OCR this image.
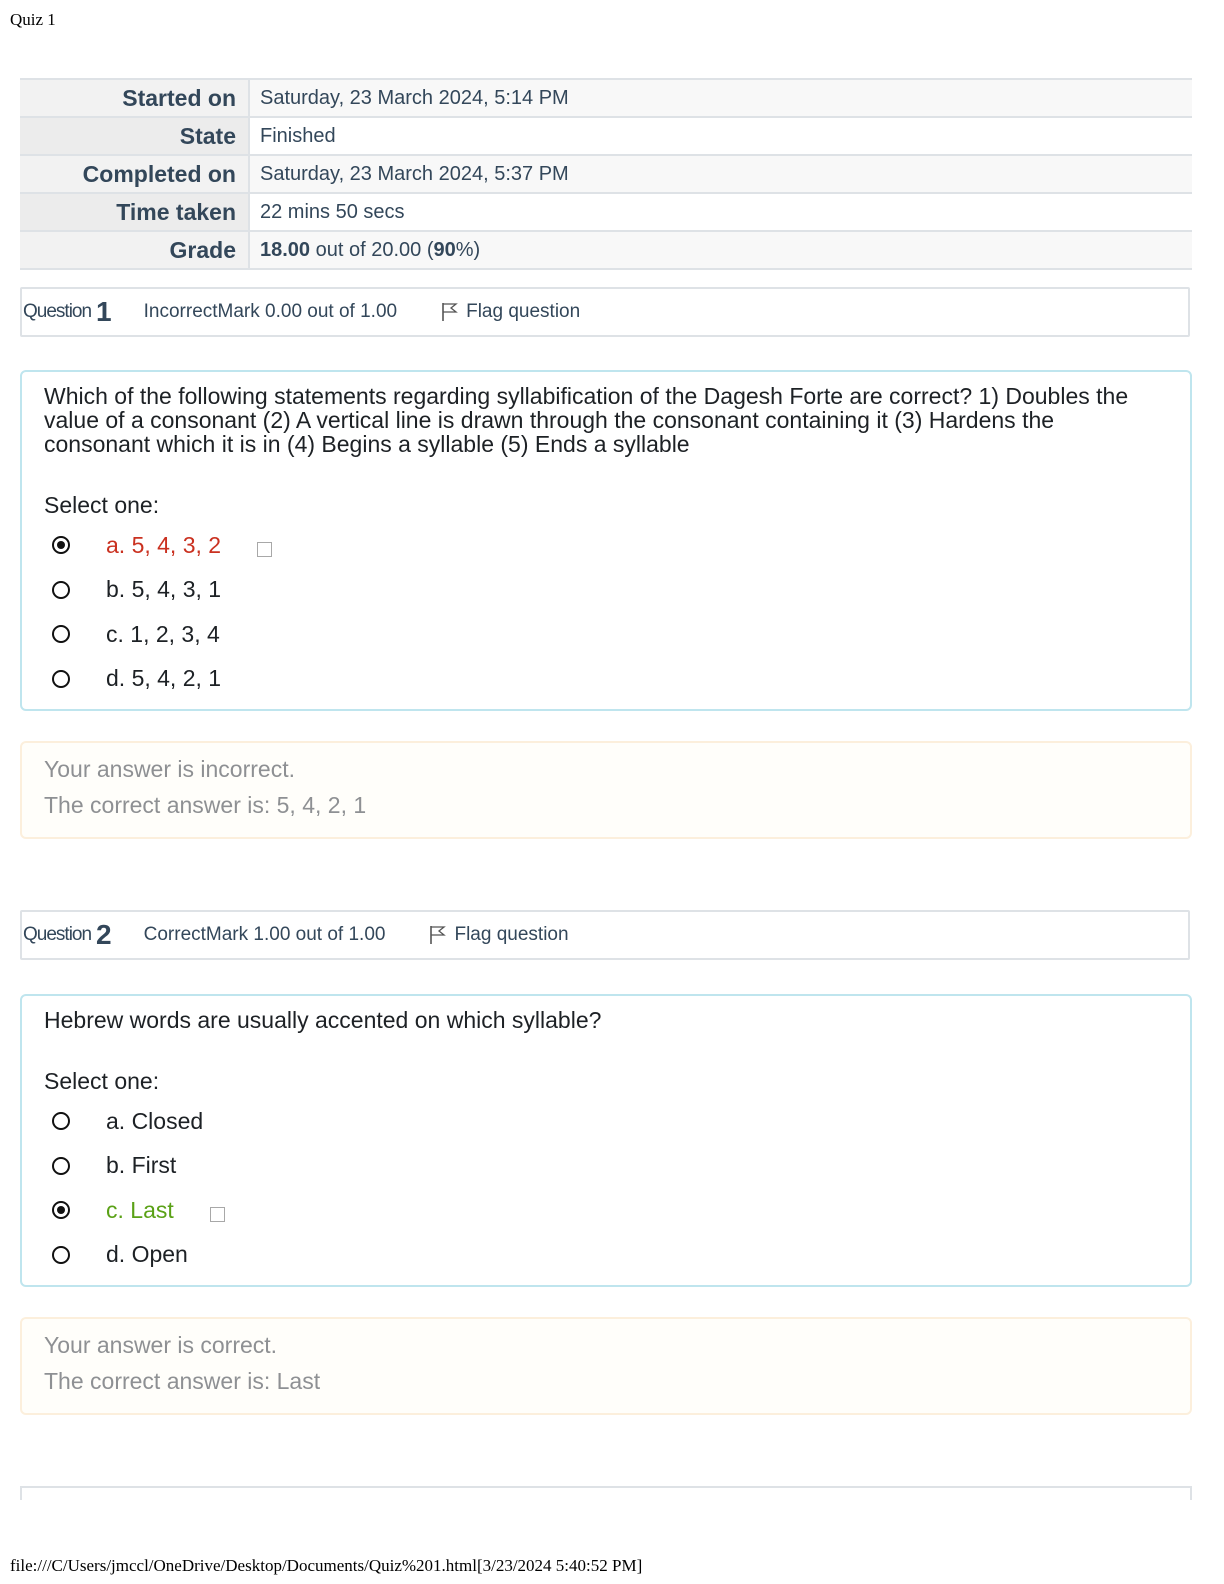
Quiz 1
Started on	Saturday, 23 March 2024, 5:14 PM
State	Finished
Completed on	Saturday, 23 March 2024, 5:37 PM
Time taken	22 mins 50 secs
Grade	18.00 out of 20.00 (90%)
Question 1 IncorrectMark 0.00 out of 1.00	Flag question
Which of the following statements regarding syllabification of the Dagesh Forte are correct? 1) Doubles the value of a consonant (2) A vertical line is drawn through the consonant containing it (3) Hardens the consonant which it is in (4) Begins a syllable (5) Ends a syllable
Select one:
a. 5, 4, 3, 2
b. 5, 4, 3, 1
c. 1, 2, 3, 4
d. 5, 4, 2, 1
Your answer is incorrect.
The correct answer is: 5, 4, 2, 1
Question 2 CorrectMark 1.00 out of 1.00	Flag question
Hebrew words are usually accented on which syllable?
Select one:
a. Closed
b. First
c. Last
d. Open
Your answer is correct.
The correct answer is: Last
file:///C/Users/jmccl/OneDrive/Desktop/Documents/Quiz%201.html[3/23/2024 5:40:52 PM]
